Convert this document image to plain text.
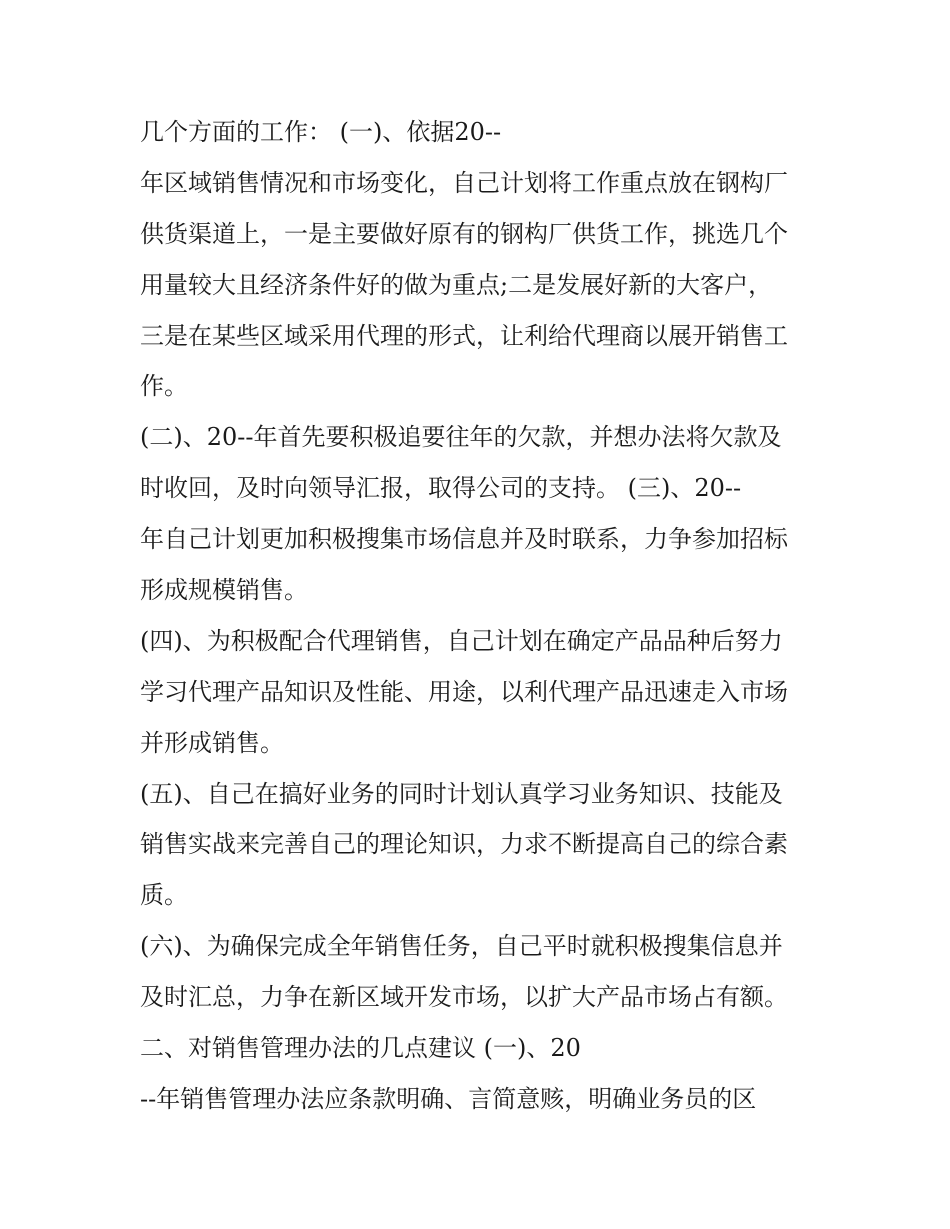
几个方面的工作： (一)、依据20--
年区域销售情况和市场变化，自己计划将工作重点放在钢构厂
供货渠道上，一是主要做好原有的钢构厂供货工作，挑选几个
用量较大且经济条件好的做为重点;二是发展好新的大客户，
三是在某些区域采用代理的形式，让利给代理商以展开销售工
作。
(二)、20--年首先要积极追要往年的欠款，并想办法将欠款及
时收回，及时向领导汇报，取得公司的支持。 (三)、20--
年自己计划更加积极搜集市场信息并及时联系，力争参加招标
形成规模销售。
(四)、为积极配合代理销售，自己计划在确定产品品种后努力
学习代理产品知识及性能、用途，以利代理产品迅速走入市场
并形成销售。
(五)、自己在搞好业务的同时计划认真学习业务知识、技能及
销售实战来完善自己的理论知识，力求不断提高自己的综合素
质。
(六)、为确保完成全年销售任务，自己平时就积极搜集信息并
及时汇总，力争在新区域开发市场，以扩大产品市场占有额。
二、对销售管理办法的几点建议 (一)、20
--年销售管理办法应条款明确、言简意赅，明确业务员的区
